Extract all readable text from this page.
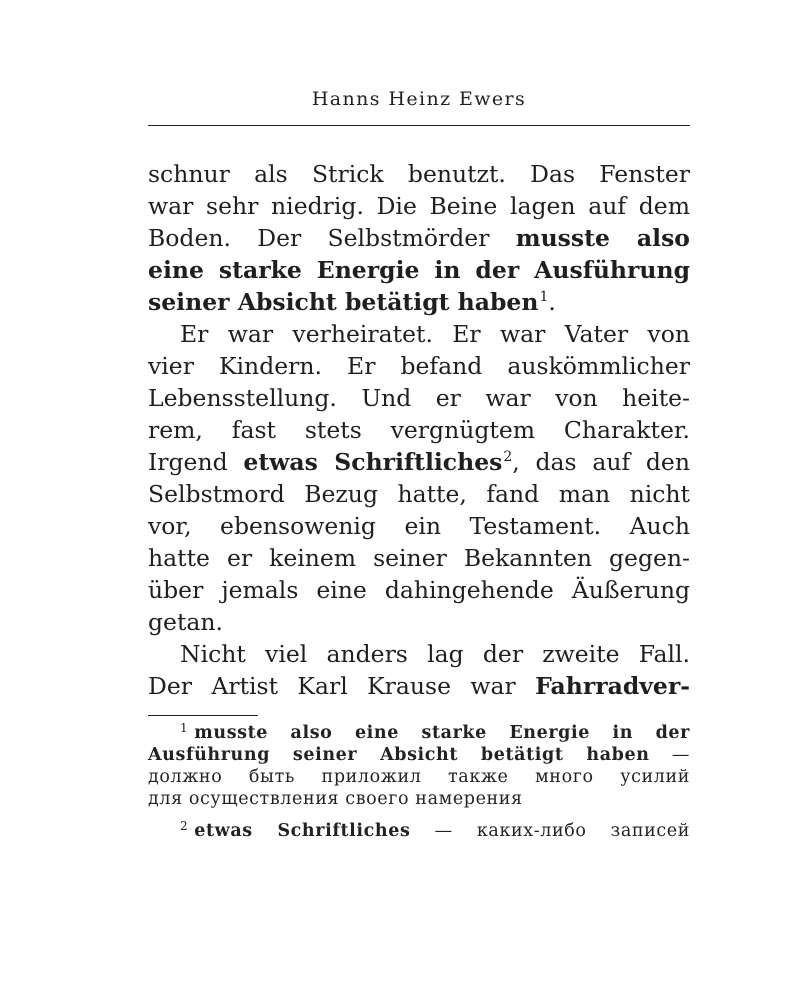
Hanns Heinz Ewers
schnur als Strick benutzt. Das Fenster
war sehr niedrig. Die Beine lagen auf dem
Boden. Der Selbstmörder musste also
eine starke Energie in der Ausführung
seiner Absicht betätigt haben$^1$.
Er war verheiratet. Er war Vater von
vier Kindern. Er befand auskömmlicher
Lebensstellung. Und er war von heite-
rem, fast stets vergnügtem Charakter.
Irgend etwas Schriftliches$^2$, das auf den
Selbstmord Bezug hatte, fand man nicht
vor, ebensowenig ein Testament. Auch
hatte er keinem seiner Bekannten gegen-
über jemals eine dahingehende Äußerung
getan.
Nicht viel anders lag der zweite Fall.
Der Artist Karl Krause war Fahrradver-
$^1$ musste also eine starke Energie in der
Ausführung seiner Absicht betätigt haben —
должно быть приложил также много усилий
для осуществления своего намерения
$^2$ etwas Schriftliches — каких-либо записей
